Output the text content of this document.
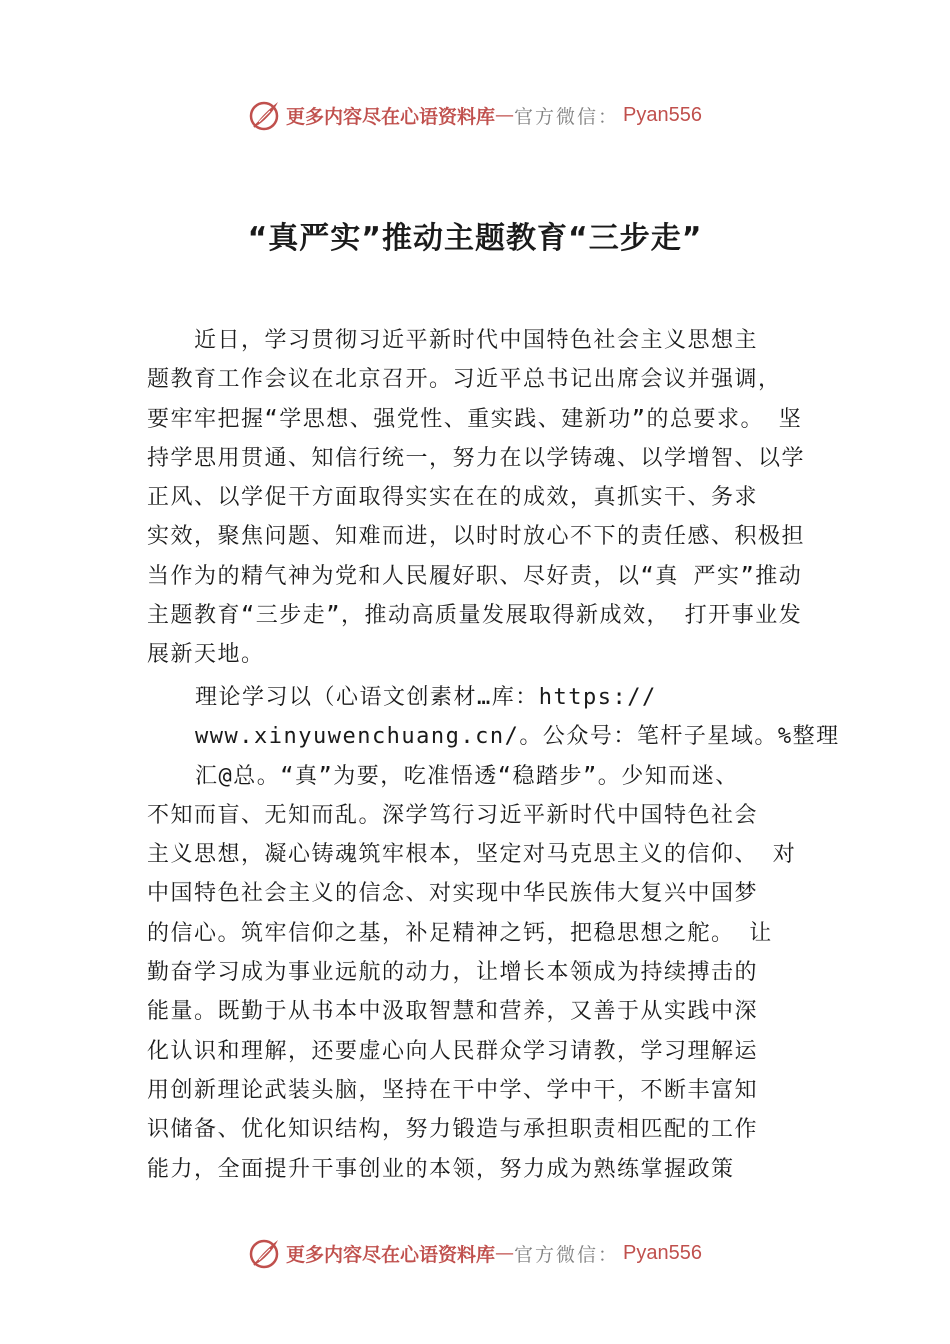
更多内容尽在心语资料库 — 官方微信： Pyan556
“真严实”推动主题教育“三步走”
　　近日，学习贯彻习近平新时代中国特色社会主义思想主
题教育工作会议在北京召开。习近平总书记出席会议并强调，
要牢牢把握“学思想、强党性、重实践、建新功”的总要求。 坚
持学思用贯通、知信行统一，努力在以学铸魂、以学增智、以学
正风、以学促干方面取得实实在在的成效，真抓实干、务求
实效，聚焦问题、知难而进，以时时放心不下的责任感、积极担
当作为的精气神为党和人民履好职、尽好责，以“真 严实”推动
主题教育“三步走”，推动高质量发展取得新成效， 打开事业发
展新天地。
理论学习以（心语文创素材…库：https://
www.xinyuwenchuang.cn/。公众号：笔杆子星域。%整理
汇@总。“真”为要，吃准悟透“稳踏步”。少知而迷、
不知而盲、无知而乱。深学笃行习近平新时代中国特色社会
主义思想，凝心铸魂筑牢根本，坚定对马克思主义的信仰、 对
中国特色社会主义的信念、对实现中华民族伟大复兴中国梦
的信心。筑牢信仰之基，补足精神之钙，把稳思想之舵。 让
勤奋学习成为事业远航的动力，让增长本领成为持续搏击的
能量。既勤于从书本中汲取智慧和营养，又善于从实践中深
化认识和理解，还要虚心向人民群众学习请教，学习理解运
用创新理论武装头脑，坚持在干中学、学中干，不断丰富知
识储备、优化知识结构，努力锻造与承担职责相匹配的工作
能力，全面提升干事创业的本领，努力成为熟练掌握政策
更多内容尽在心语资料库 — 官方微信： Pyan556
